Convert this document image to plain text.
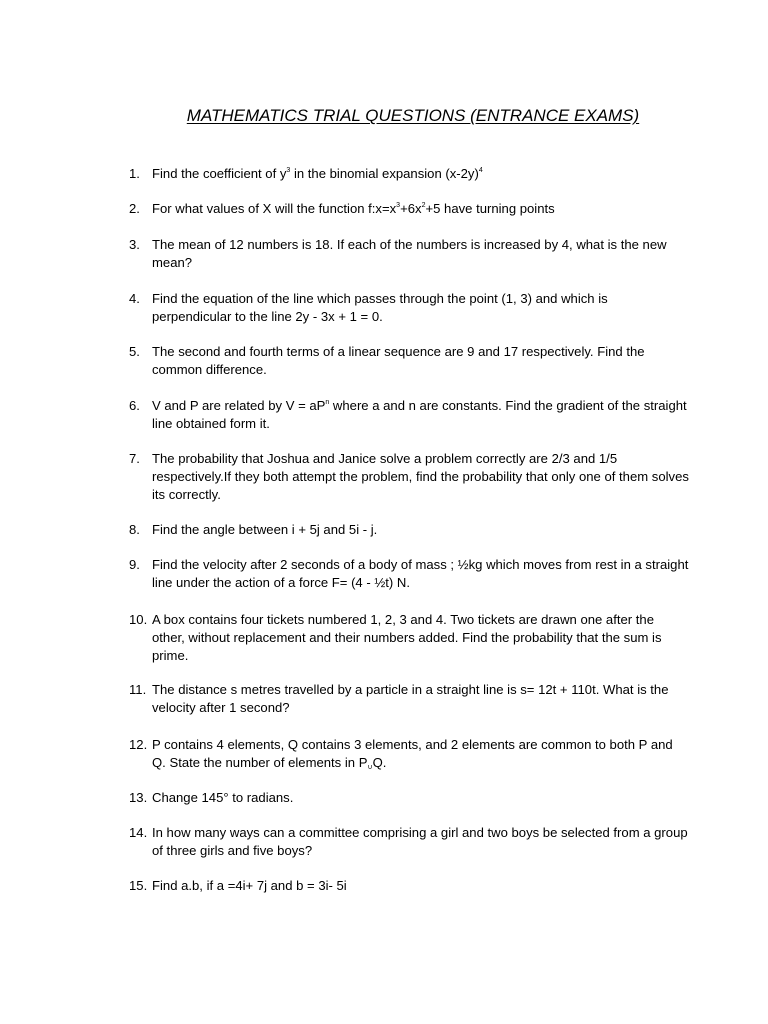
MATHEMATICS TRIAL QUESTIONS (ENTRANCE EXAMS)
1. Find the coefficient of $y^3$ in the binomial expansion $(x-2y)^4$
2. For what values of X will the function $f:x=x^3+6x^2+5$ have turning points
3. The mean of 12 numbers is 18. If each of the numbers is increased by 4, what is the new mean?
4. Find the equation of the line which passes through the point (1, 3) and which is perpendicular to the line 2y - 3x + 1 = 0.
5. The second and fourth terms of a linear sequence are 9 and 17 respectively. Find the common difference.
6. V and P are related by $V = aP^n$ where a and n are constants. Find the gradient of the straight line obtained form it.
7. The probability that Joshua and Janice solve a problem correctly are 2/3 and 1/5 respectively.If they both attempt the problem, find the probability that only one of them solves its correctly.
8. Find the angle between i + 5j and 5i - j.
9. Find the velocity after 2 seconds of a body of mass ; ½kg which moves from rest in a straight line under the action of a force F= (4 - ½t) N.
10. A box contains four tickets numbered 1, 2, 3 and 4. Two tickets are drawn one after the other, without replacement and their numbers added. Find the probability that the sum is prime.
11. The distance s metres travelled by a particle in a straight line is s= 12t + 110t. What is the velocity after 1 second?
12. P contains 4 elements, Q contains 3 elements, and 2 elements are common to both P and Q. State the number of elements in $P_\cup Q$.
13. Change 145° to radians.
14. In how many ways can a committee comprising a girl and two boys be selected from a group of three girls and five boys?
15. Find a.b, if a =4i+ 7j and b = 3i- 5i
